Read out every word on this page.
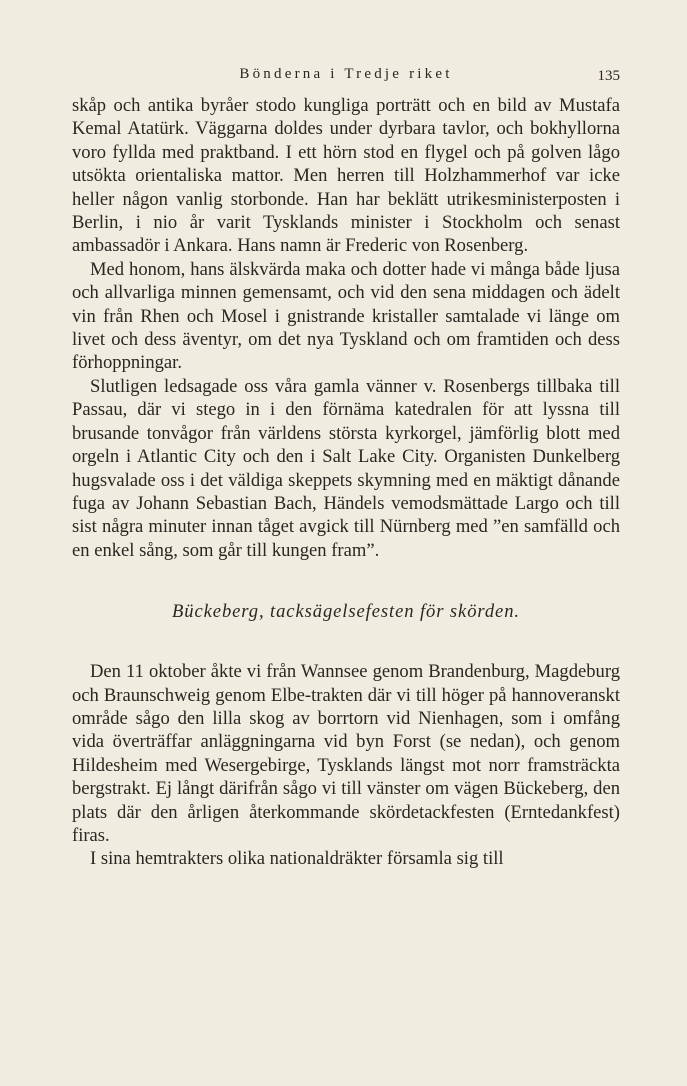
Bönderna i Tredje riket	135

skåp och antika byråer stodo kungliga porträtt och en bild av Mustafa Kemal Atatürk. Väggarna doldes under dyrbara tavlor, och bokhyllorna voro fyllda med praktband. I ett hörn stod en flygel och på golven lågo utsökta orientaliska mattor. Men herren till Holzhammerhof var icke heller någon vanlig storbonde. Han har beklätt utrikesministerposten i Berlin, i nio år varit Tysklands minister i Stockholm och senast ambassadör i Ankara. Hans namn är Frederic von Rosenberg.

Med honom, hans älskvärda maka och dotter hade vi många både ljusa och allvarliga minnen gemensamt, och vid den sena middagen och ädelt vin från Rhen och Mosel i gnistrande kristaller samtalade vi länge om livet och dess äventyr, om det nya Tyskland och om framtiden och dess förhoppningar.

Slutligen ledsagade oss våra gamla vänner v. Rosenbergs tillbaka till Passau, där vi stego in i den förnäma katedralen för att lyssna till brusande tonvågor från världens största kyrkorgel, jämförlig blott med orgeln i Atlantic City och den i Salt Lake City. Organisten Dunkelberg hugsvalade oss i det väldiga skeppets skymning med en mäktigt dånande fuga av Johann Sebastian Bach, Händels vemodsmättade Largo och till sist några minuter innan tåget avgick till Nürnberg med ”en samfälld och en enkel sång, som går till kungen fram”.

Bückeberg, tacksägelsefesten för skörden.

Den 11 oktober åkte vi från Wannsee genom Brandenburg, Magdeburg och Braunschweig genom Elbe-trakten där vi till höger på hannoveranskt område sågo den lilla skog av borrtorn vid Nienhagen, som i omfång vida överträffar anläggningarna vid byn Forst (se nedan), och genom Hildesheim med Wesergebirge, Tysklands längst mot norr framsträckta bergstrakt. Ej långt därifrån sågo vi till vänster om vägen Bückeberg, den plats där den årligen återkommande skördetackfesten (Erntedankfest) firas.

I sina hemtrakters olika nationaldräkter församla sig till
